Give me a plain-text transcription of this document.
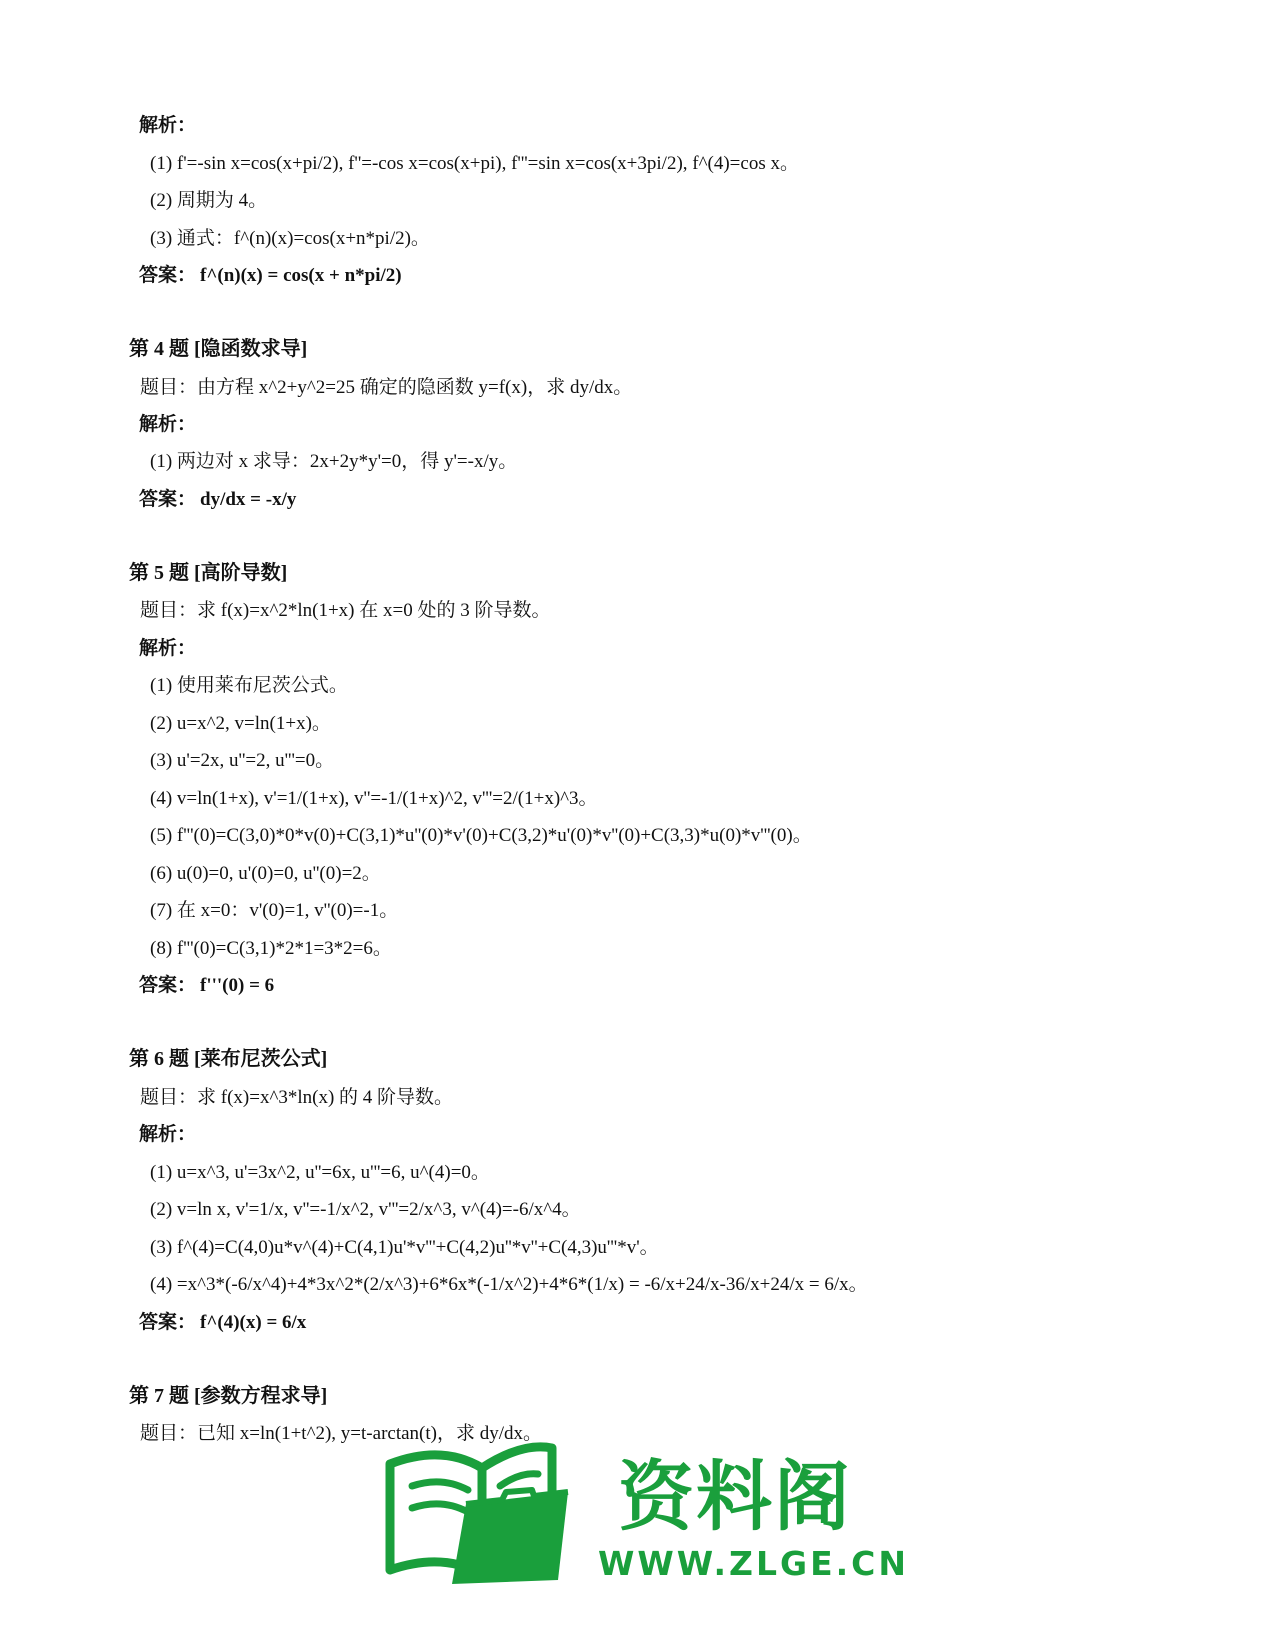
解析：
(1) f'=-sin x=cos(x+pi/2), f''=-cos x=cos(x+pi), f'''=sin x=cos(x+3pi/2), f^(4)=cos x。
(2) 周期为 4。
(3) 通式：f^(n)(x)=cos(x+n*pi/2)。
答案： f^(n)(x) = cos(x + n*pi/2)
第 4 题 [隐函数求导]
题目：由方程 x^2+y^2=25 确定的隐函数 y=f(x)，求 dy/dx。
解析：
(1) 两边对 x 求导：2x+2y*y'=0，得 y'=-x/y。
答案： dy/dx = -x/y
第 5 题 [高阶导数]
题目：求 f(x)=x^2*ln(1+x) 在 x=0 处的 3 阶导数。
解析：
(1) 使用莱布尼茨公式。
(2) u=x^2, v=ln(1+x)。
(3) u'=2x, u''=2, u'''=0。
(4) v=ln(1+x), v'=1/(1+x), v''=-1/(1+x)^2, v'''=2/(1+x)^3。
(5) f'''(0)=C(3,0)*0*v(0)+C(3,1)*u''(0)*v'(0)+C(3,2)*u'(0)*v''(0)+C(3,3)*u(0)*v'''(0)。
(6) u(0)=0, u'(0)=0, u''(0)=2。
(7) 在 x=0：v'(0)=1, v''(0)=-1。
(8) f'''(0)=C(3,1)*2*1=3*2=6。
答案： f'''(0) = 6
第 6 题 [莱布尼茨公式]
题目：求 f(x)=x^3*ln(x) 的 4 阶导数。
解析：
(1) u=x^3, u'=3x^2, u''=6x, u'''=6, u^(4)=0。
(2) v=ln x, v'=1/x, v''=-1/x^2, v'''=2/x^3, v^(4)=-6/x^4。
(3) f^(4)=C(4,0)u*v^(4)+C(4,1)u'*v'''+C(4,2)u''*v''+C(4,3)u'''*v'。
(4) =x^3*(-6/x^4)+4*3x^2*(2/x^3)+6*6x*(-1/x^2)+4*6*(1/x) = -6/x+24/x-36/x+24/x = 6/x。
答案： f^(4)(x) = 6/x
第 7 题 [参数方程求导]
题目：已知 x=ln(1+t^2), y=t-arctan(t)，求 dy/dx。
资料阁
WWW.ZLGE.CN
